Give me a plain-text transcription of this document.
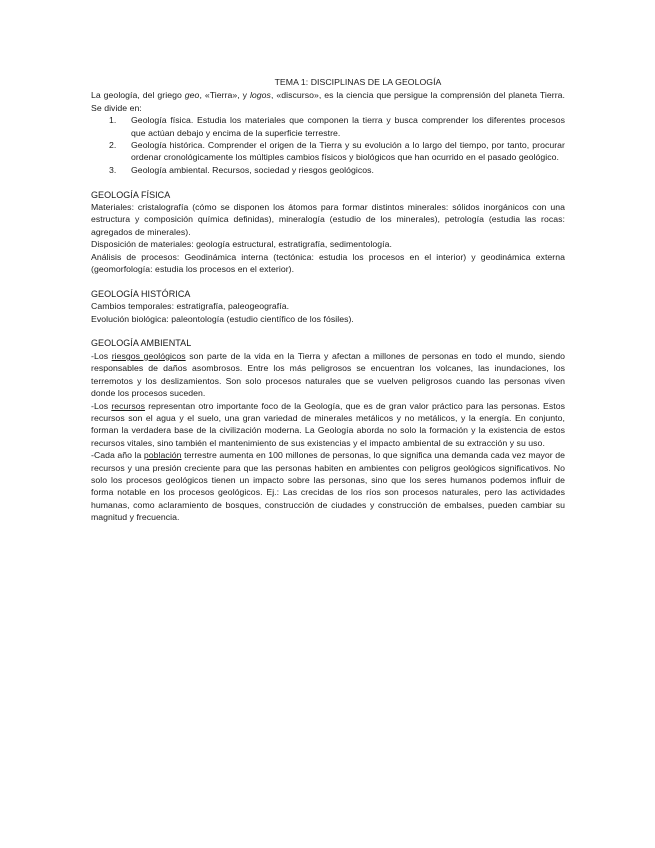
TEMA 1: DISCIPLINAS DE LA GEOLOGÍA

La geología, del griego geo, «Tierra», y logos, «discurso», es la ciencia que persigue la comprensión del planeta Tierra. Se divide en:

1. Geología física. Estudia los materiales que componen la tierra y busca comprender los diferentes procesos que actúan debajo y encima de la superficie terrestre.
2. Geología histórica. Comprender el origen de la Tierra y su evolución a lo largo del tiempo, por tanto, procurar ordenar cronológicamente los múltiples cambios físicos y biológicos que han ocurrido en el pasado geológico.
3. Geología ambiental. Recursos, sociedad y riesgos geológicos.

GEOLOGÍA FÍSICA

Materiales: cristalografía (cómo se disponen los átomos para formar distintos minerales: sólidos inorgánicos con una estructura y composición química definidas), mineralogía (estudio de los minerales), petrología (estudia las rocas: agregados de minerales).

Disposición de materiales: geología estructural, estratigrafía, sedimentología.

Análisis de procesos: Geodinámica interna (tectónica: estudia los procesos en el interior) y geodinámica externa (geomorfología: estudia los procesos en el exterior).

GEOLOGÍA HISTÓRICA

Cambios temporales: estratigrafía, paleogeografía.

Evolución biológica: paleontología (estudio científico de los fósiles).

GEOLOGÍA AMBIENTAL

-Los riesgos geológicos son parte de la vida en la Tierra y afectan a millones de personas en todo el mundo, siendo responsables de daños asombrosos. Entre los más peligrosos se encuentran los volcanes, las inundaciones, los terremotos y los deslizamientos. Son solo procesos naturales que se vuelven peligrosos cuando las personas viven donde los procesos suceden.

-Los recursos representan otro importante foco de la Geología, que es de gran valor práctico para las personas. Estos recursos son el agua y el suelo, una gran variedad de minerales metálicos y no metálicos, y la energía. En conjunto, forman la verdadera base de la civilización moderna. La Geología aborda no solo la formación y la existencia de estos recursos vitales, sino también el mantenimiento de sus existencias y el impacto ambiental de su extracción y su uso.

-Cada año la población terrestre aumenta en 100 millones de personas, lo que significa una demanda cada vez mayor de recursos y una presión creciente para que las personas habiten en ambientes con peligros geológicos significativos. No solo los procesos geológicos tienen un impacto sobre las personas, sino que los seres humanos podemos influir de forma notable en los procesos geológicos. Ej.: Las crecidas de los ríos son procesos naturales, pero las actividades humanas, como aclaramiento de bosques, construcción de ciudades y construcción de embalses, pueden cambiar su magnitud y frecuencia.
